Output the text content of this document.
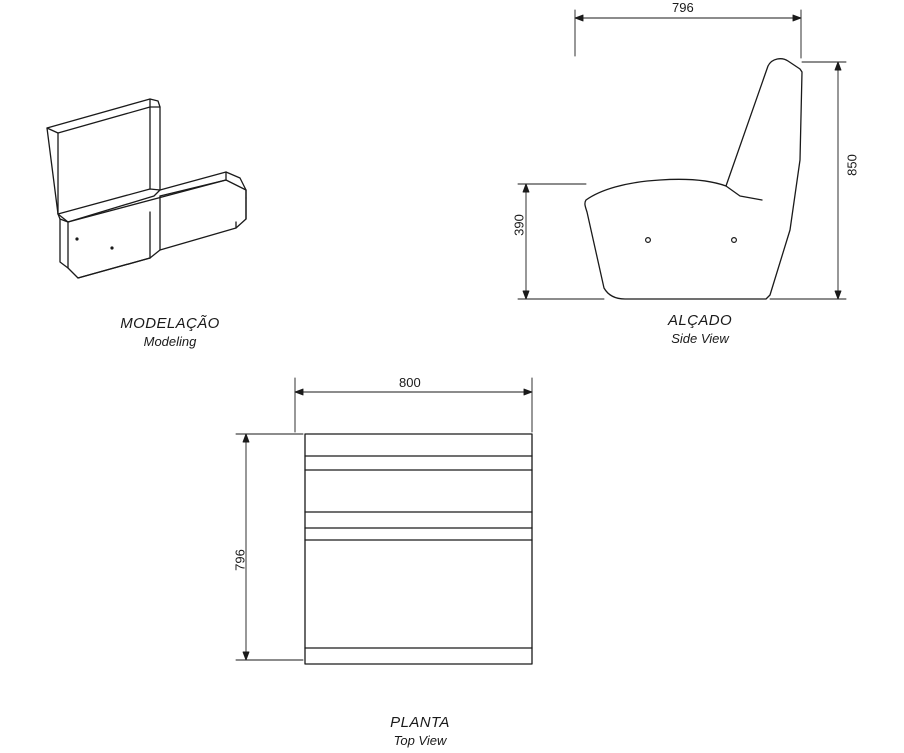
796
850
390
800
796
MODELAÇÃO
Modeling
ALÇADO
Side View
PLANTA
Top View
